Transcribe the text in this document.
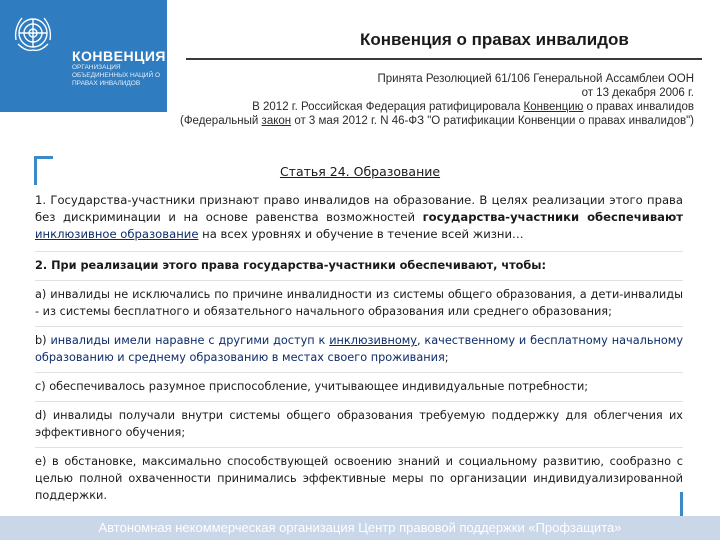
КОНВЕНЦИЯ
ОРГАНИЗАЦИЯ ОБЪЕДИНЕННЫХ НАЦИЙ О ПРАВАХ ИНВАЛИДОВ
Конвенция о правах инвалидов
Принята Резолюцией 61/106 Генеральной Ассамблеи ООН
от 13 декабря 2006 г.
В 2012 г. Российская Федерация ратифицировала Конвенцию о правах инвалидов
(Федеральный закон от 3 мая 2012 г. N 46-ФЗ "О ратификации Конвенции о правах инвалидов")
Статья 24. Образование
1. Государства-участники признают право инвалидов на образование. В целях реализации этого права без дискриминации и на основе равенства возможностей государства-участники обеспечивают инклюзивное образование на всех уровнях и обучение в течение всей жизни…
2. При реализации этого права государства-участники обеспечивают, чтобы:
a) инвалиды не исключались по причине инвалидности из системы общего образования, а дети-инвалиды - из системы бесплатного и обязательного начального образования или среднего образования;
b) инвалиды имели наравне с другими доступ к инклюзивному, качественному и бесплатному начальному образованию и среднему образованию в местах своего проживания;
c) обеспечивалось разумное приспособление, учитывающее индивидуальные потребности;
d) инвалиды получали внутри системы общего образования требуемую поддержку для облегчения их эффективного обучения;
e) в обстановке, максимально способствующей освоению знаний и социальному развитию, сообразно с целью полной охваченности принимались эффективные меры по организации индивидуализированной поддержки.
Автономная некоммерческая организация Центр правовой поддержки «Профзащита»
